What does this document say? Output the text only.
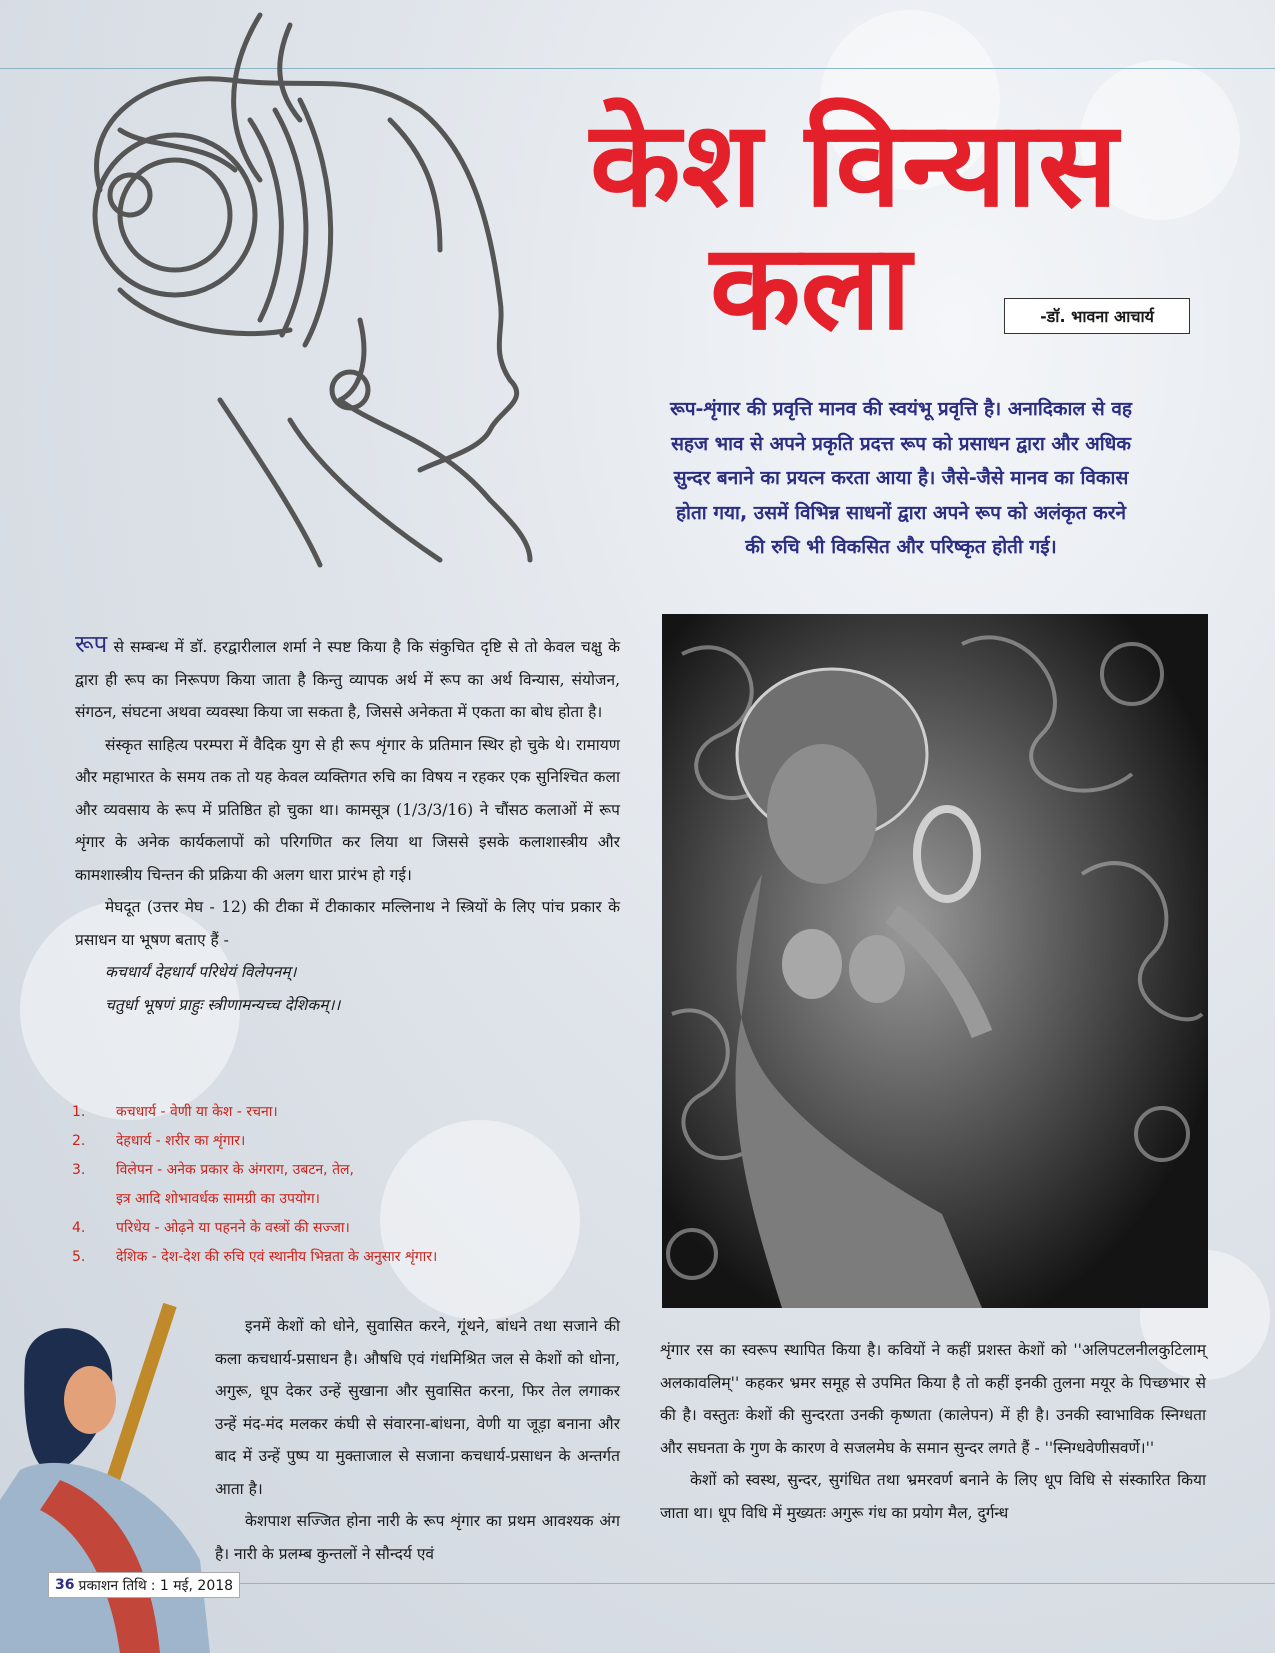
केश विन्यास
कला	-डॉ. भावना आचार्य
रूप-शृंगार की प्रवृत्ति मानव की स्वयंभू प्रवृत्ति है। अनादिकाल से वह
सहज भाव से अपने प्रकृति प्रदत्त रूप को प्रसाधन द्वारा और अधिक
सुन्दर बनाने का प्रयत्न करता आया है। जैसे-जैसे मानव का विकास
होता गया, उसमें विभिन्न साधनों द्वारा अपने रूप को अलंकृत करने
की रुचि भी विकसित और परिष्कृत होती गई।

रूप से सम्बन्ध में डॉ. हरद्वारीलाल शर्मा ने स्पष्ट किया है कि संकुचित दृष्टि से तो केवल चक्षु के द्वारा ही रूप का निरूपण किया जाता है किन्तु व्यापक अर्थ में रूप का अर्थ विन्यास, संयोजन, संगठन, संघटना अथवा व्यवस्था किया जा सकता है, जिससे अनेकता में एकता का बोध होता है।

संस्कृत साहित्य परम्परा में वैदिक युग से ही रूप शृंगार के प्रतिमान स्थिर हो चुके थे। रामायण और महाभारत के समय तक तो यह केवल व्यक्तिगत रुचि का विषय न रहकर एक सुनिश्चित कला और व्यवसाय के रूप में प्रतिष्ठित हो चुका था। कामसूत्र (1/3/3/16) ने चौंसठ कलाओं में रूप शृंगार के अनेक कार्यकलापों को परिगणित कर लिया था जिससे इसके कलाशास्त्रीय और कामशास्त्रीय चिन्तन की प्रक्रिया की अलग धारा प्रारंभ हो गई।

मेघदूत (उत्तर मेघ - 12) की टीका में टीकाकार मल्लिनाथ ने स्त्रियों के लिए पांच प्रकार के प्रसाधन या भूषण बताए हैं -

कचधार्यं देहधार्यं परिधेयं विलेपनम्।

चतुर्धा भूषणं प्राहुः स्त्रीणामन्यच्च देशिकम्।।

1. कचधार्य - वेणी या केश - रचना।
2. देहधार्य - शरीर का शृंगार।
3. विलेपन - अनेक प्रकार के अंगराग, उबटन, तेल,
इत्र आदि शोभावर्धक सामग्री का उपयोग।
4. परिधेय - ओढ़ने या पहनने के वस्त्रों की सज्जा।
5. देशिक - देश-देश की रुचि एवं स्थानीय भिन्नता के अनुसार शृंगार।

इनमें केशों को धोने, सुवासित करने, गूंथने, बांधने तथा सजाने की कला कचधार्य-प्रसाधन है। औषधि एवं गंधमिश्रित जल से केशों को धोना, अगुरू, धूप देकर उन्हें सुखाना और सुवासित करना, फिर तेल लगाकर उन्हें मंद-मंद मलकर कंघी से संवारना-बांधना, वेणी या जूड़ा बनाना और बाद में उन्हें पुष्प या मुक्ताजाल से सजाना कचधार्य-प्रसाधन के अन्तर्गत आता है।

केशपाश सज्जित होना नारी के रूप शृंगार का प्रथम आवश्यक अंग है। नारी के प्रलम्ब कुन्तलों ने सौन्दर्य एवं

शृंगार रस का स्वरूप स्थापित किया है। कवियों ने कहीं प्रशस्त केशों को ''अलिपटलनीलकुटिलाम् अलकावलिम्'' कहकर भ्रमर समूह से उपमित किया है तो कहीं इनकी तुलना मयूर के पिच्छभार से की है। वस्तुतः केशों की सुन्दरता उनकी कृष्णता (कालेपन) में ही है। उनकी स्वाभाविक स्निग्धता और सघनता के गुण के कारण वे सजलमेघ के समान सुन्दर लगते हैं - ''स्निग्धवेणीसवर्णे।''

केशों को स्वस्थ, सुन्दर, सुगंधित तथा भ्रमरवर्ण बनाने के लिए धूप विधि से संस्कारित किया जाता था। धूप विधि में मुख्यतः अगुरू गंध का प्रयोग मैल, दुर्गन्ध

36 प्रकाशन तिथि : 1 मई, 2018
